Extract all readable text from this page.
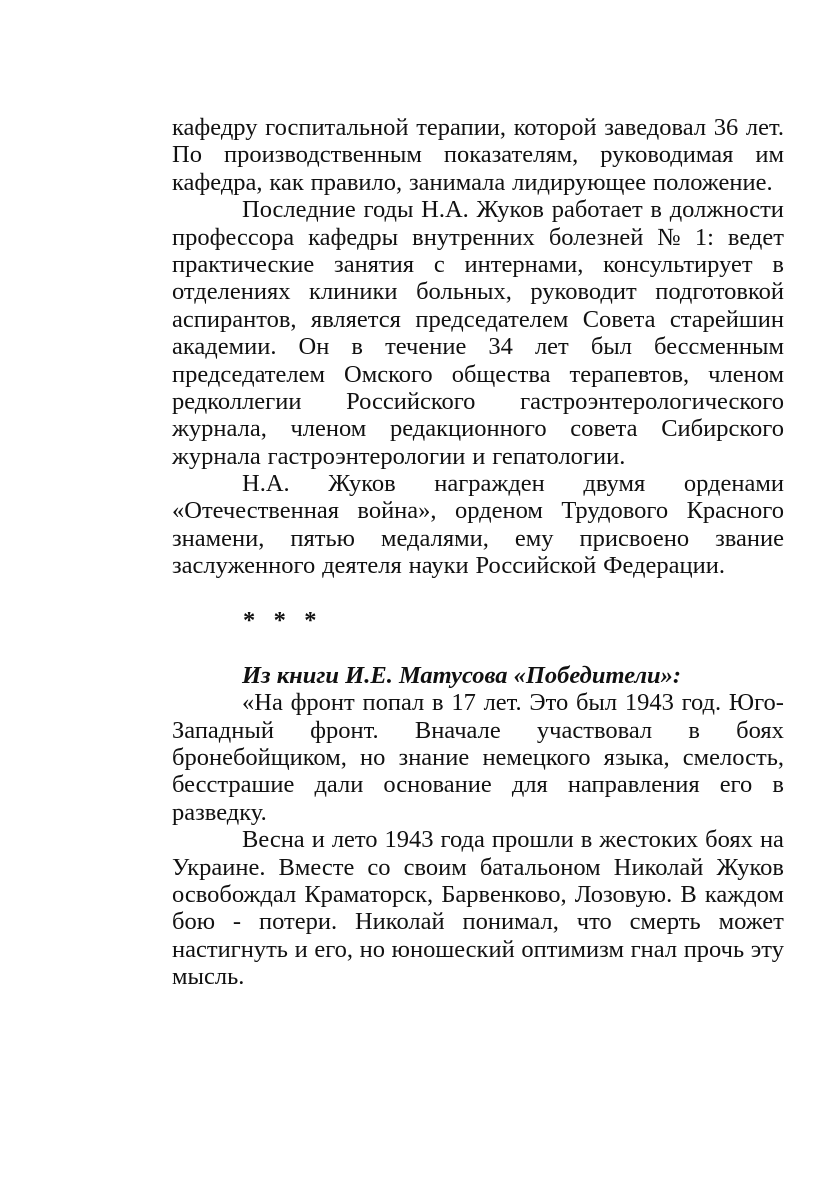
кафедру госпитальной терапии, которой заведовал 36 лет.
По производственным показателям, руководимая им
кафедра, как правило, занимала лидирующее положение.
Последние годы Н.А. Жуков работает в должности
профессора кафедры внутренних болезней № 1: ведет
практические занятия с интернами, консультирует в
отделениях клиники больных, руководит подготовкой
аспирантов, является председателем Совета старейшин
академии. Он в течение 34 лет был бессменным
председателем Омского общества терапевтов, членом
редколлегии Российского гастроэнтерологического
журнала, членом редакционного совета Сибирского
журнала гастроэнтерологии и гепатологии.
Н.А. Жуков награжден двумя орденами
«Отечественная война», орденом Трудового Красного
знамени, пятью медалями, ему присвоено звание
заслуженного деятеля науки Российской Федерации.
* * *
Из книги И.Е. Матусова «Победители»:
«На фронт попал в 17 лет. Это был 1943 год. Юго-
Западный фронт. Вначале участвовал в боях
бронебойщиком, но знание немецкого языка, смелость,
бесстрашие дали основание для направления его в
разведку.
Весна и лето 1943 года прошли в жестоких боях на
Украине. Вместе со своим батальоном Николай Жуков
освобождал Краматорск, Барвенково, Лозовую. В каждом
бою - потери. Николай понимал, что смерть может
настигнуть и его, но юношеский оптимизм гнал прочь эту
мысль.
